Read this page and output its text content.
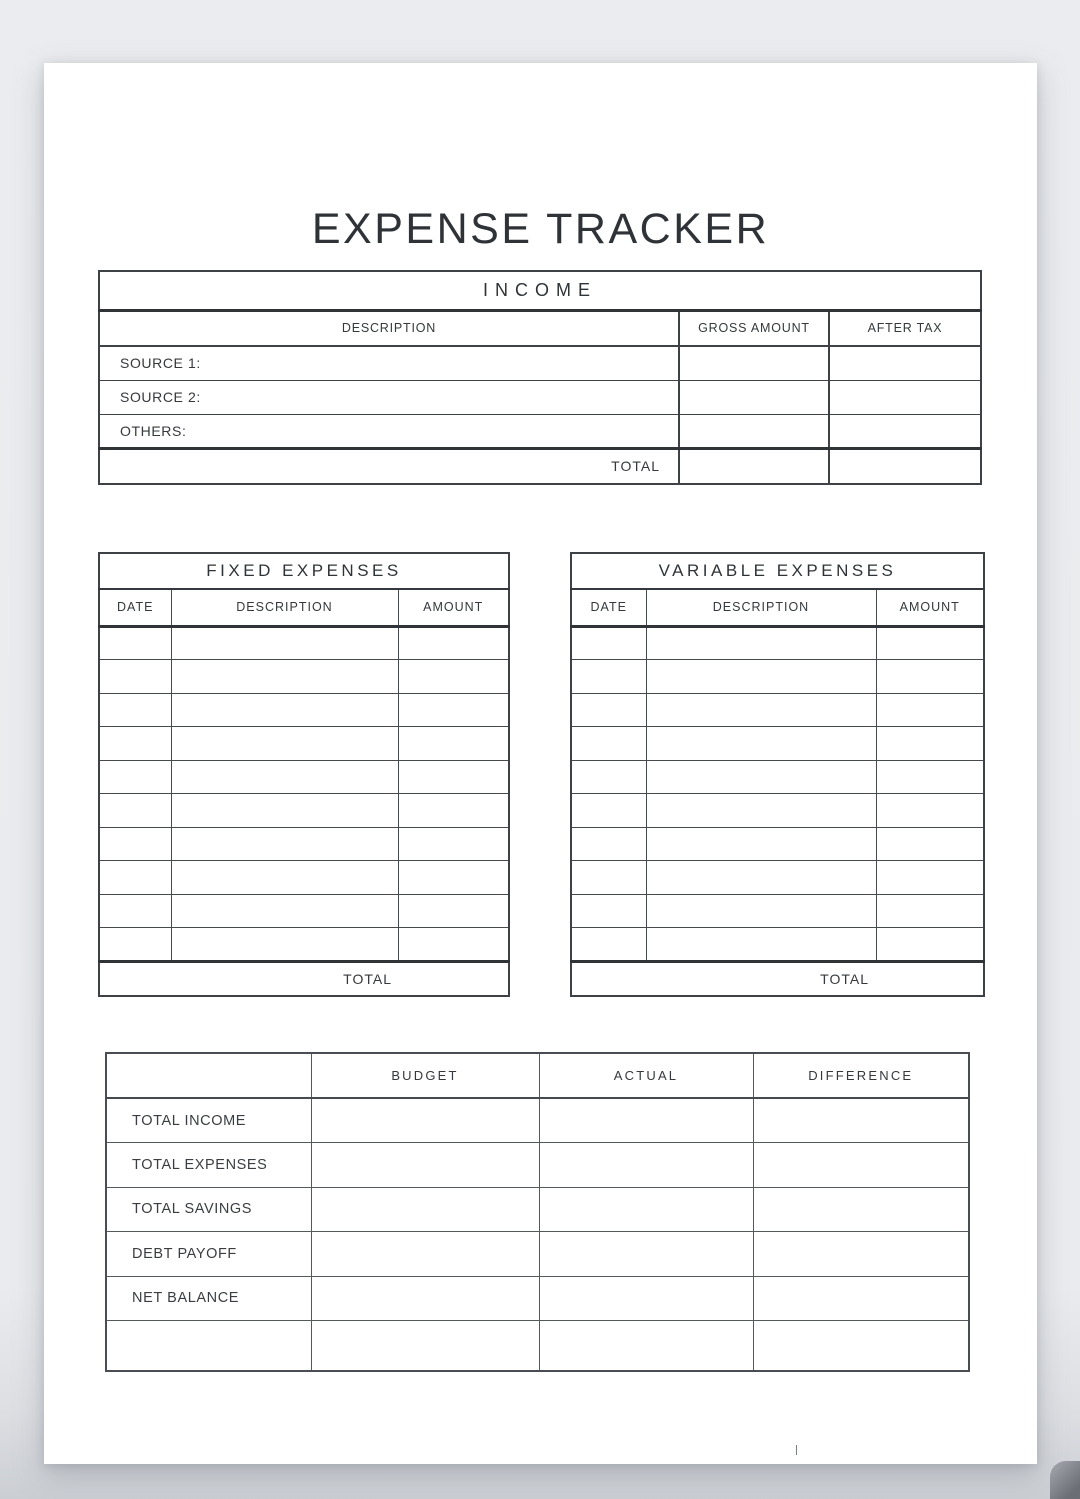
EXPENSE TRACKER
INCOME		
DESCRIPTION	GROSS AMOUNT	AFTER TAX
SOURCE 1:		
SOURCE 2:		
OTHERS:		
TOTAL		
FIXED EXPENSES		
DATE	DESCRIPTION	AMOUNT

TOTAL		
VARIABLE EXPENSES		
DATE	DESCRIPTION	AMOUNT

TOTAL		
	BUDGET	ACTUAL	DIFFERENCE
TOTAL INCOME			
TOTAL EXPENSES			
TOTAL SAVINGS			
DEBT PAYOFF			
NET BALANCE			
